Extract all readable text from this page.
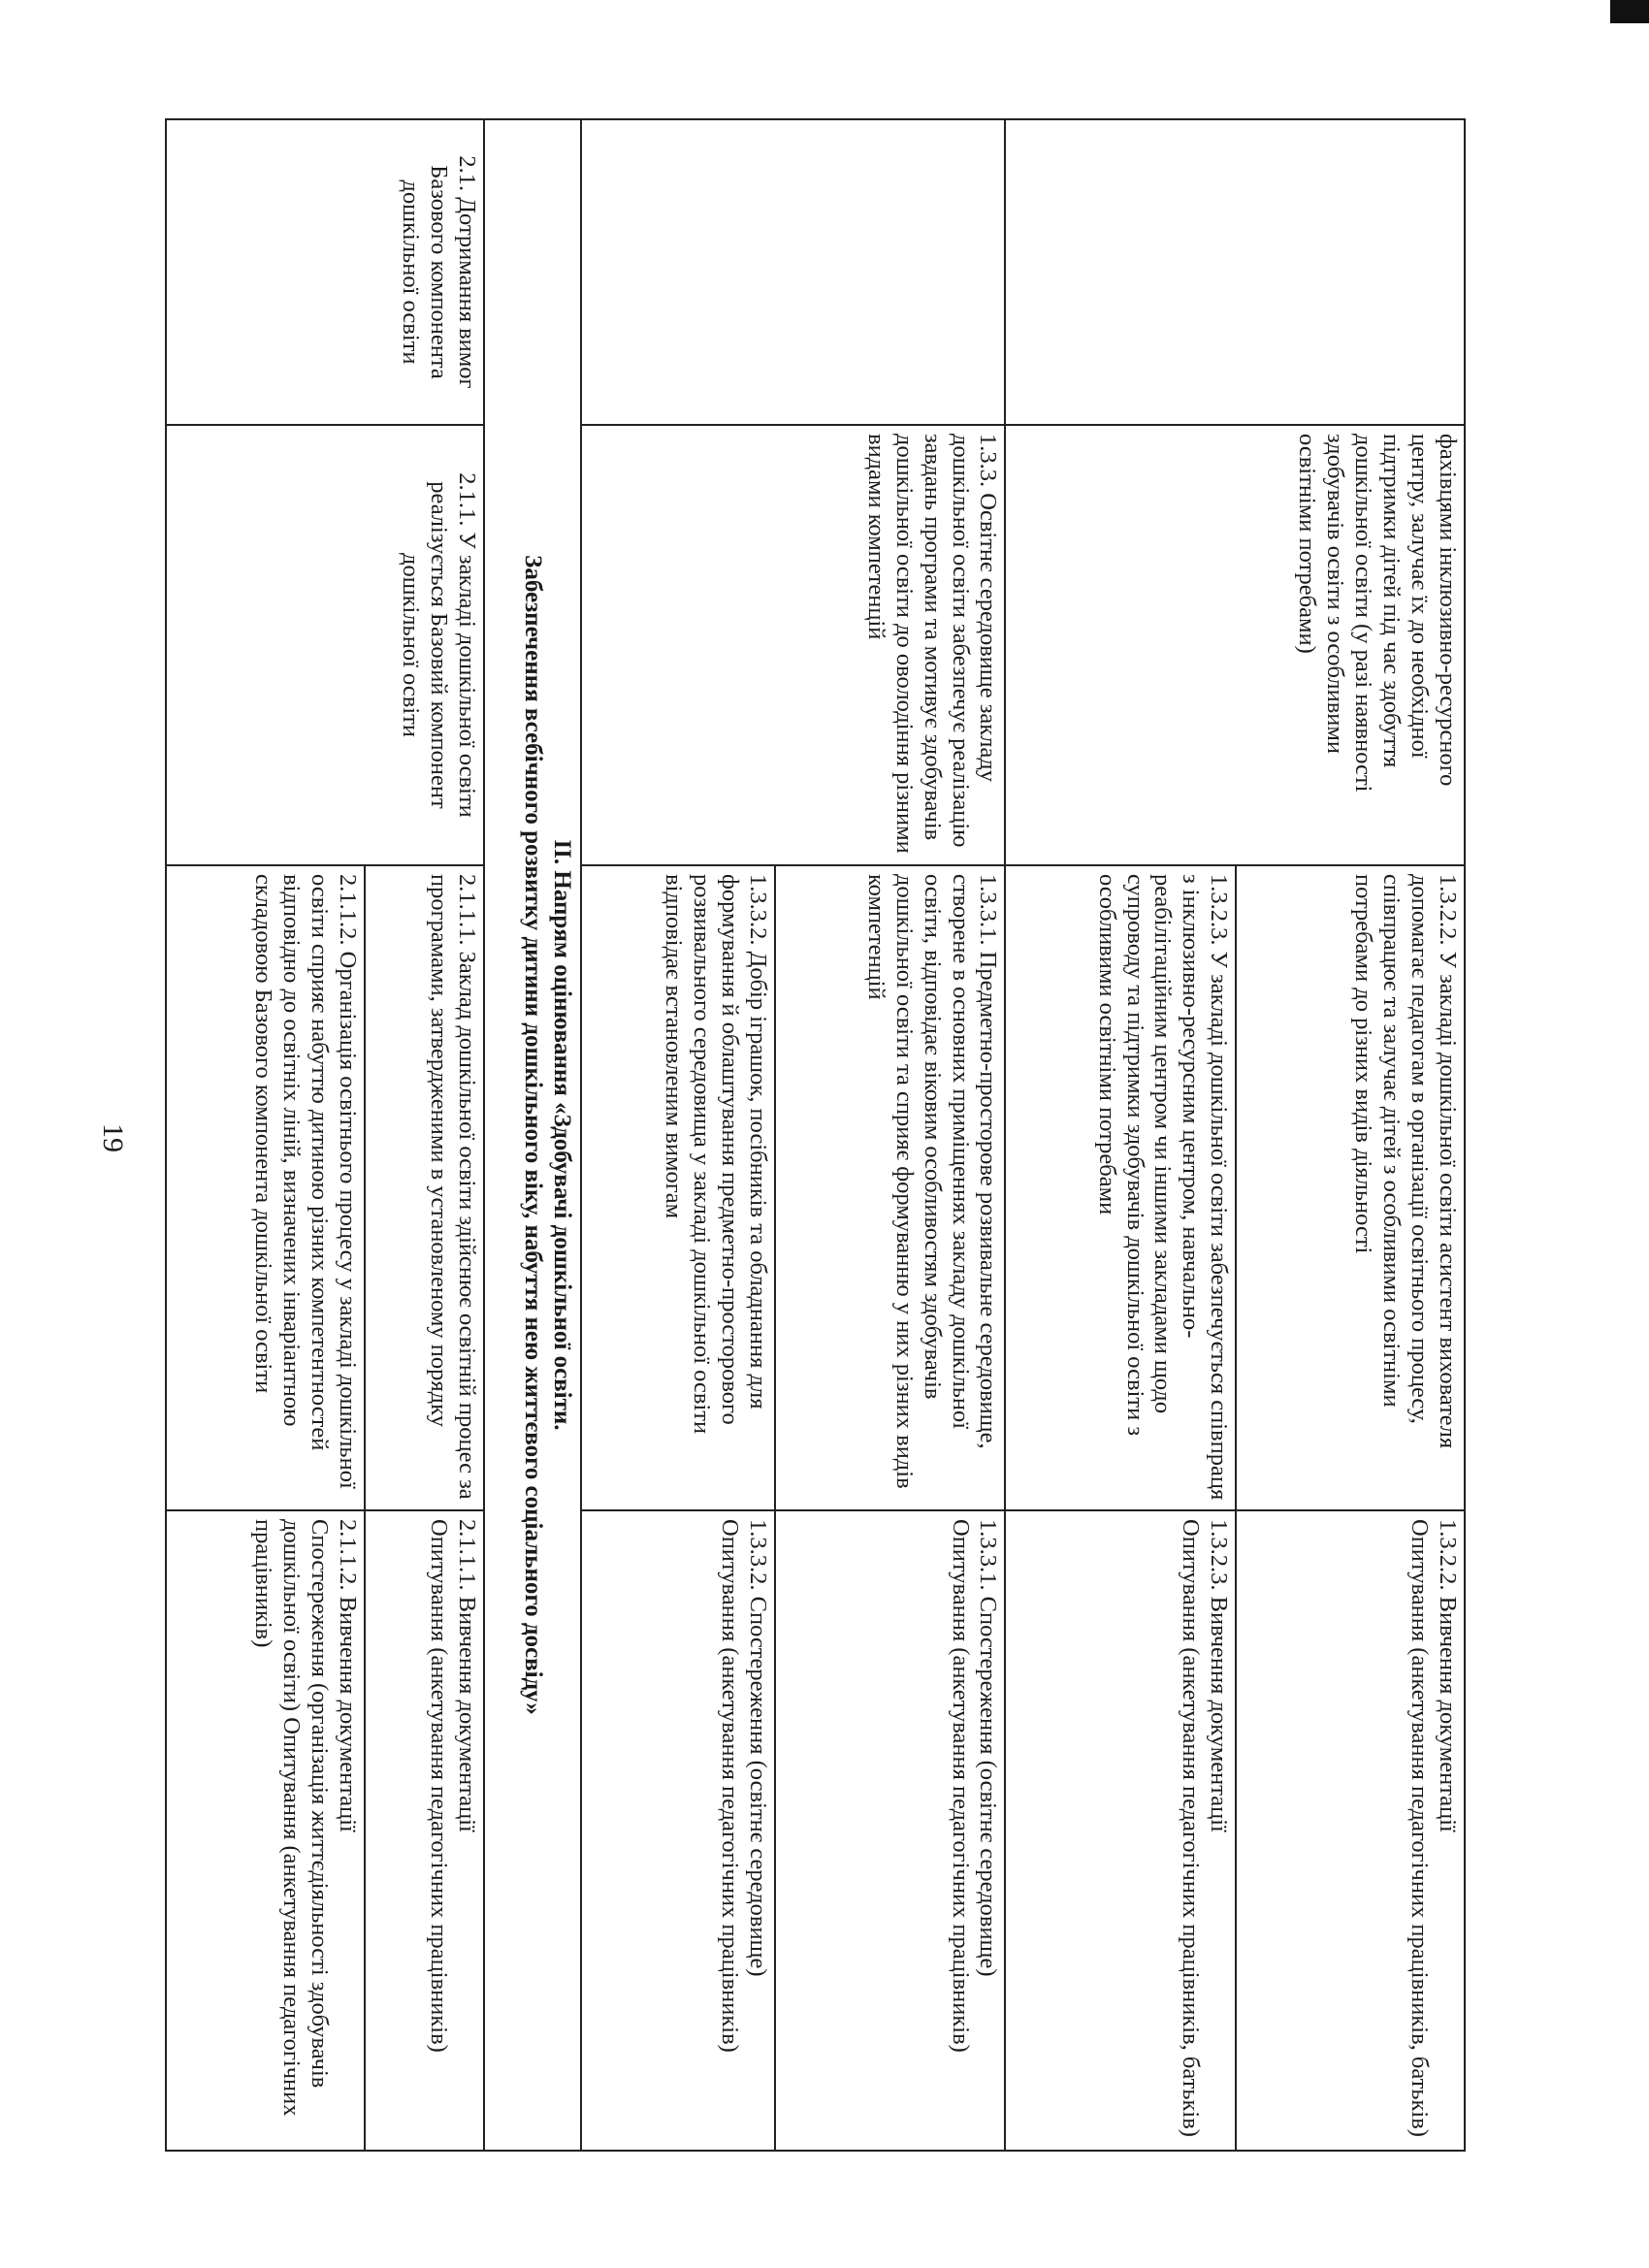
19
	фахівцями інклюзивно-ресурсного центру, залучає їх до необхідної підтримки дітей під час здобуття дошкільної освіти (у разі наявності здобувачів освіти з особливими освітніми потребами)	1.3.2.2. У закладі дошкільної освіти асистент вихователя допомагає педагогам в організації освітнього процесу, співпрацює та залучає дітей з особливими освітніми потребами до різних видів діяльності	1.3.2.2. Вивчення документації
Опитування (анкетування педагогічних працівників, батьків)

		1.3.2.3. У закладі дошкільної освіти забезпечується співпраця з інклюзивно-ресурсним центром, навчально-реабілітаційним центром чи іншими закладами щодо супроводу та підтримки здобувачів дошкільної освіти з особливими освітніми потребами	1.3.2.3. Вивчення документації
Опитування (анкетування педагогічних працівників, батьків)

	1.3.3. Освітнє середовище закладу дошкільної освіти забезпечує реалізацію завдань програми та мотивує здобувачів дошкільної освіти до оволодіння різними видами компетенцій	1.3.3.1. Предметно-просторове розвивальне середовище, створене в основних приміщеннях закладу дошкільної освіти, відповідає віковим особливостям здобувачів дошкільної освіти та сприяє формуванню у них різних видів компетенцій	1.3.3.1. Спостереження (освітнє середовище)
Опитування (анкетування педагогічних працівників)

		1.3.3.2. Добір іграшок, посібників та обладнання для формування й облаштування предметно-просторового розвивального середовища у закладі дошкільної освіти відповідає встановленим вимогам	1.3.3.2. Спостереження (освітнє середовище)
Опитування (анкетування педагогічних працівників)

ІІ. Напрям оцінювання «Здобувачі дошкільної освіти.
Забезпечення всебічного розвитку дитини дошкільного віку, набуття нею життєвого соціального досвіду»			

2.1. Дотримання вимог Базового компонента дошкільної освіти	2.1.1. У закладі дошкільної освіти реалізується Базовий компонент дошкільної освіти	2.1.1.1. Заклад дошкільної освіти здійснює освітній процес за програмами, затвердженими в установленому порядку	2.1.1.1. Вивчення документації
Опитування (анкетування педагогічних працівників)

		2.1.1.2. Організація освітнього процесу у закладі дошкільної освіти сприяє набуттю дитиною різних компетентностей відповідно до освітніх ліній, визначених інваріантною складовою Базового компонента дошкільної освіти	2.1.1.2. Вивчення документації
Спостереження (організація життєдіяльності здобувачів дошкільної освіти) Опитування (анкетування педагогічних працівників)
